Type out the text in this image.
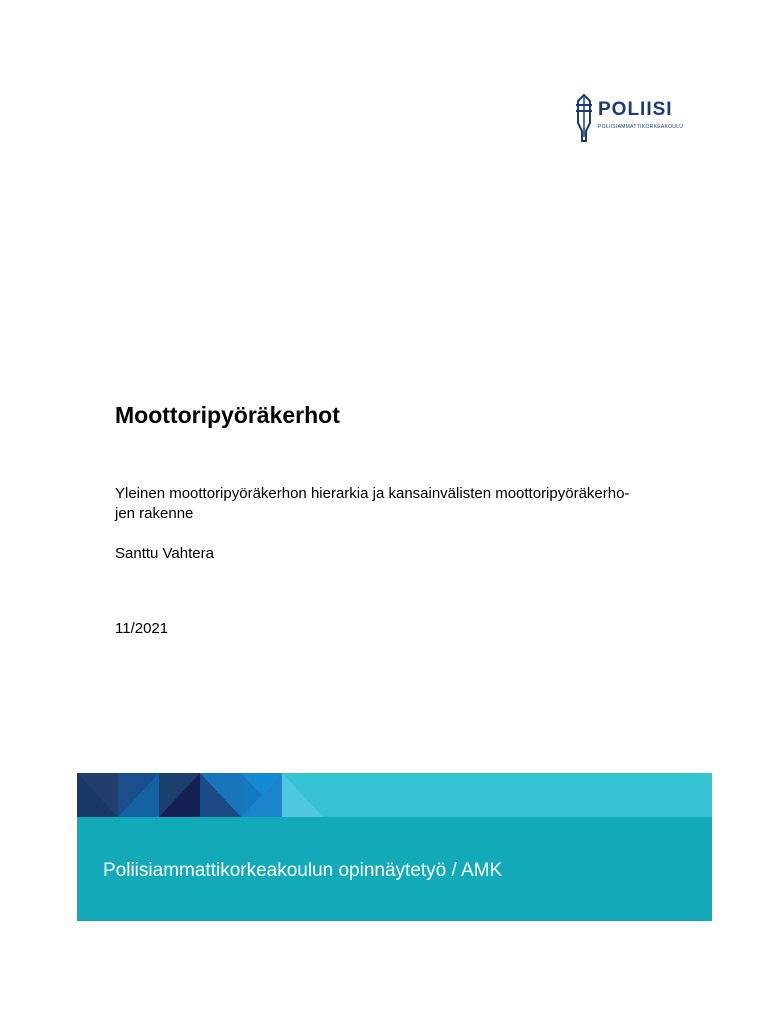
POLIISI
POLIISIAMMATTIKORKEAKOULU
Moottoripyöräkerhot
Yleinen moottoripyöräkerhon hierarkia ja kansainvälisten moottoripyöräkerho-
jen rakenne
Santtu Vahtera
11/2021
Poliisiammattikorkeakoulun opinnäytetyö / AMK
